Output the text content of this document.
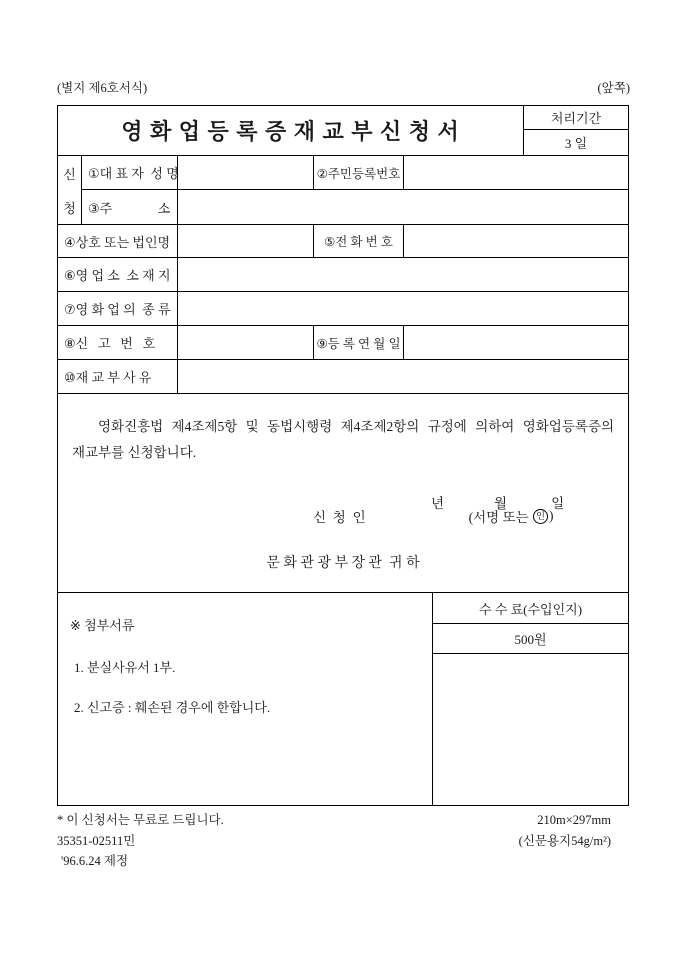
(별지 제6호서식)	(앞쪽)
영 화 업 등 록 증 재 교 부 신 청 서
처리기간
3 일
신
청
①대 표 자  성 명	②주민등록번호
③주              소
④상호 또는 법인명	⑤전 화 번 호
⑥영 업 소  소 재 지
⑦영 화 업 의  종 류
⑧신   고   번   호	⑨등 록 연 월 일
⑩재 교 부 사 유
영화진흥법 제4조제5항 및 동법시행령 제4조제2항의 규정에 의하여 영화업등록증의 재교부를 신청합니다.

년	월	일

신  청  인	(서명 또는 인 )
문 화 관 광 부 장 관  귀 하
※ 첨부서류
1. 분실사유서 1부.
2. 신고증 : 훼손된 경우에 한합니다.
수 수 료(수입인지)
500원
* 이 신청서는 무료로 드립니다.	210m×297mm
35351-02511민	(신문용지54g/m²)
'96.6.24 제정
